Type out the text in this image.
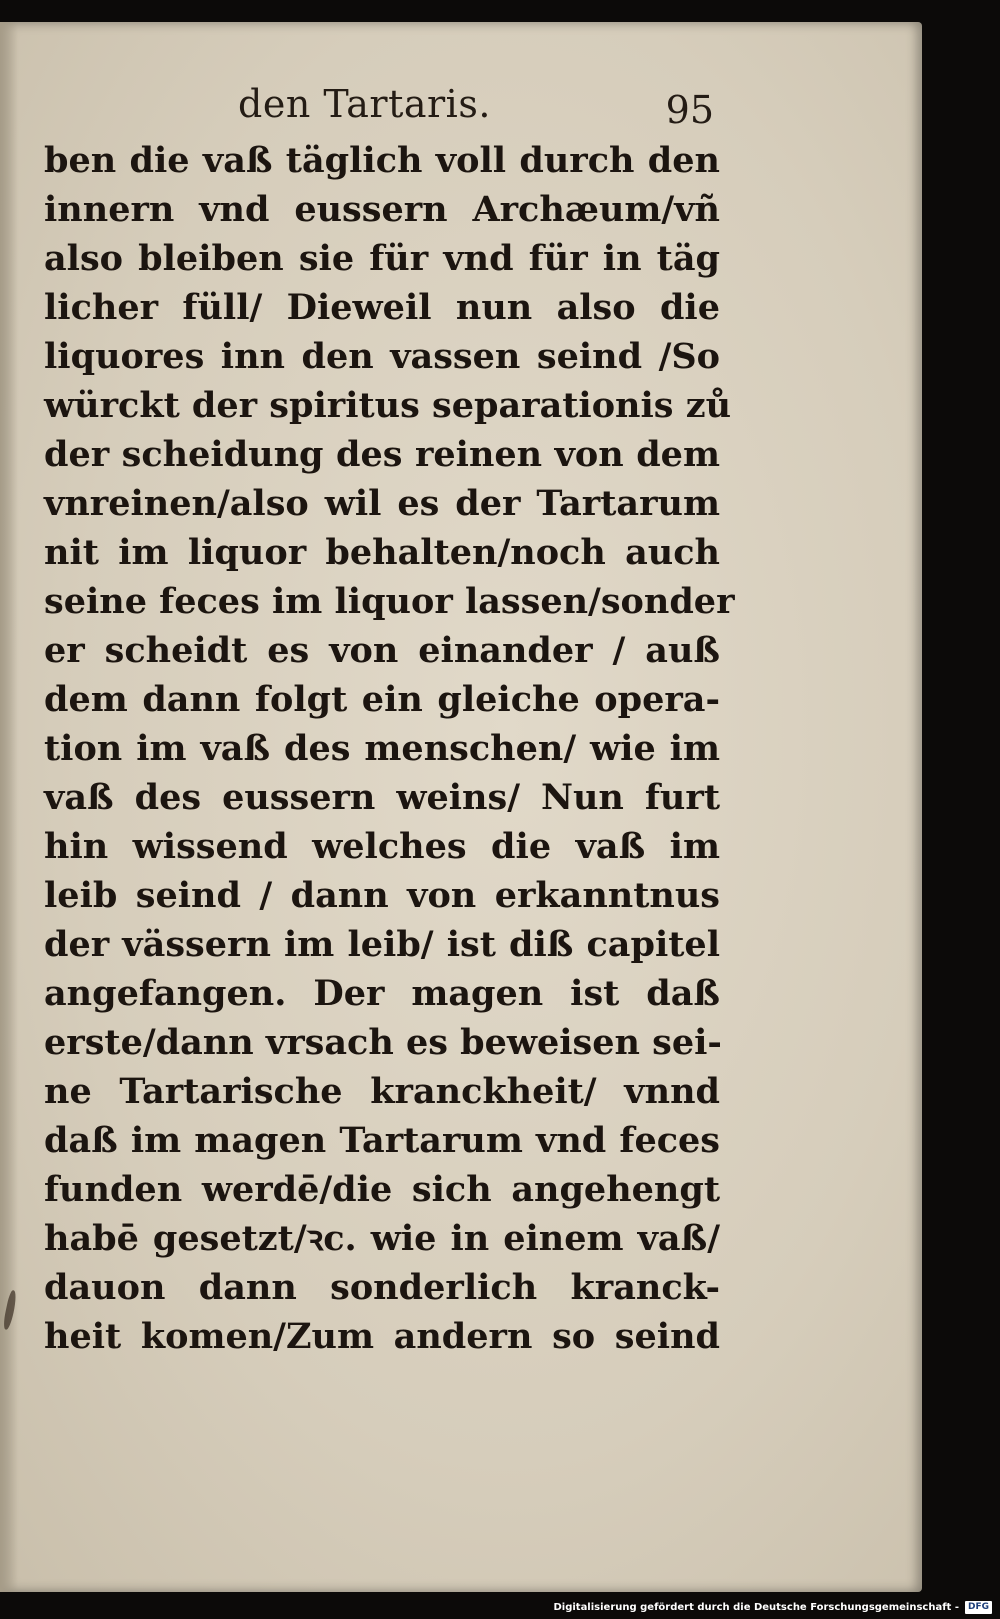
den Tartaris.	95
ben die vaß täglich voll durch den
innern vnd eussern Archæum/vñ
also bleiben sie für vnd für in täg
licher füll/ Dieweil nun also die
liquores inn den vassen seind /So
würckt der spiritus separationis zů
der scheidung des reinen von dem
vnreinen/also wil es der Tartarum
nit im liquor behalten/noch auch
seine feces im liquor lassen/sonder
er scheidt es von einander / auß
dem dann folgt ein gleiche opera-
tion im vaß des menschen/ wie im
vaß des eussern weins/ Nun furt
hin wissend welches die vaß im
leib seind / dann von erkanntnus
der vässern im leib/ ist diß capitel
angefangen. Der magen ist daß
erste/dann vrsach es beweisen sei-
ne Tartarische kranckheit/ vnnd
daß im magen Tartarum vnd feces
funden werdē/die sich angehengt
habē gesetzt/ꝛc. wie in einem vaß/
dauon dann sonderlich kranck-
heit komen/Zum andern so seind
Digitalisierung gefördert durch die Deutsche Forschungsgemeinschaft -	DFG
